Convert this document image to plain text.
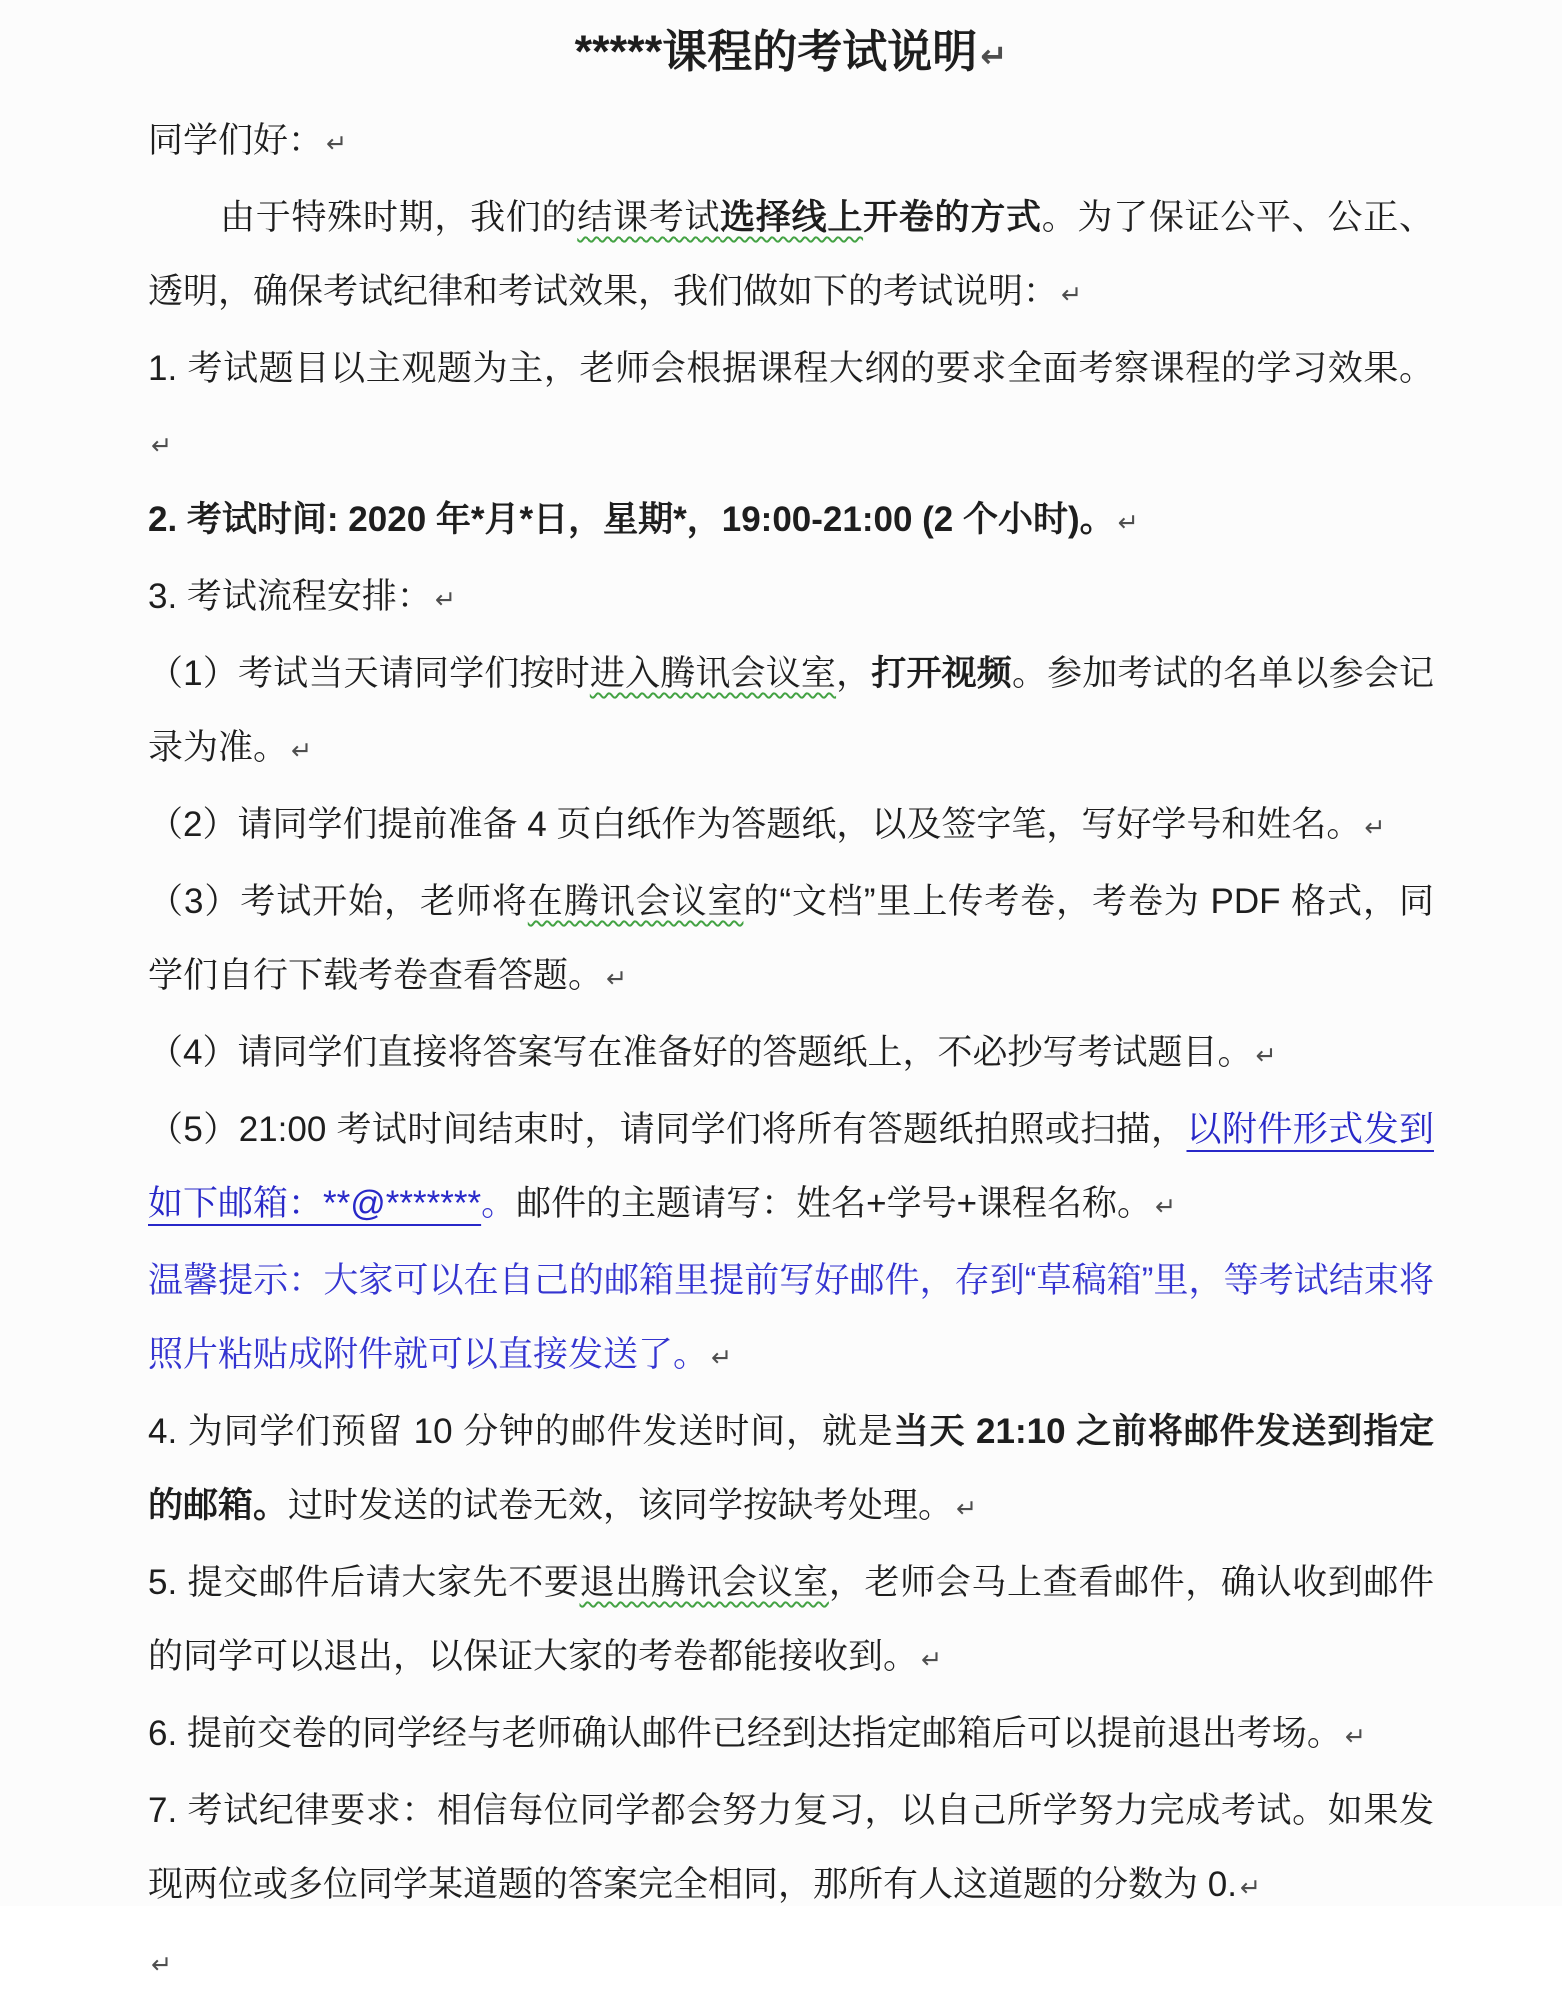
*****课程的考试说明↵

同学们好： ↵

由于特殊时期，我们的结课考试选择线上开卷的方式。为了保证公平、公正、透明，确保考试纪律和考试效果，我们做如下的考试说明： ↵

1. 考试题目以主观题为主，老师会根据课程大纲的要求全面考察课程的学习效果。↵

2. 考试时间: 2020 年*月*日，星期*，19:00-21:00 (2 个小时)。 ↵

3. 考试流程安排： ↵

（1）考试当天请同学们按时进入腾讯会议室，打开视频。参加考试的名单以参会记录为准。 ↵

（2）请同学们提前准备 4 页白纸作为答题纸，以及签字笔，写好学号和姓名。 ↵

（3）考试开始，老师将在腾讯会议室的“文档”里上传考卷，考卷为 PDF 格式，同学们自行下载考卷查看答题。 ↵

（4）请同学们直接将答案写在准备好的答题纸上，不必抄写考试题目。 ↵

（5）21:00 考试时间结束时，请同学们将所有答题纸拍照或扫描，以附件形式发到如下邮箱：**@*******。邮件的主题请写：姓名+学号+课程名称。 ↵

温馨提示：大家可以在自己的邮箱里提前写好邮件，存到“草稿箱”里，等考试结束将照片粘贴成附件就可以直接发送了。 ↵

4. 为同学们预留 10 分钟的邮件发送时间，就是当天 21:10 之前将邮件发送到指定的邮箱。过时发送的试卷无效，该同学按缺考处理。 ↵

5. 提交邮件后请大家先不要退出腾讯会议室，老师会马上查看邮件，确认收到邮件的同学可以退出，以保证大家的考卷都能接收到。 ↵

6. 提前交卷的同学经与老师确认邮件已经到达指定邮箱后可以提前退出考场。 ↵

7. 考试纪律要求：相信每位同学都会努力复习，以自己所学努力完成考试。如果发现两位或多位同学某道题的答案完全相同，那所有人这道题的分数为 0. ↵

↵
